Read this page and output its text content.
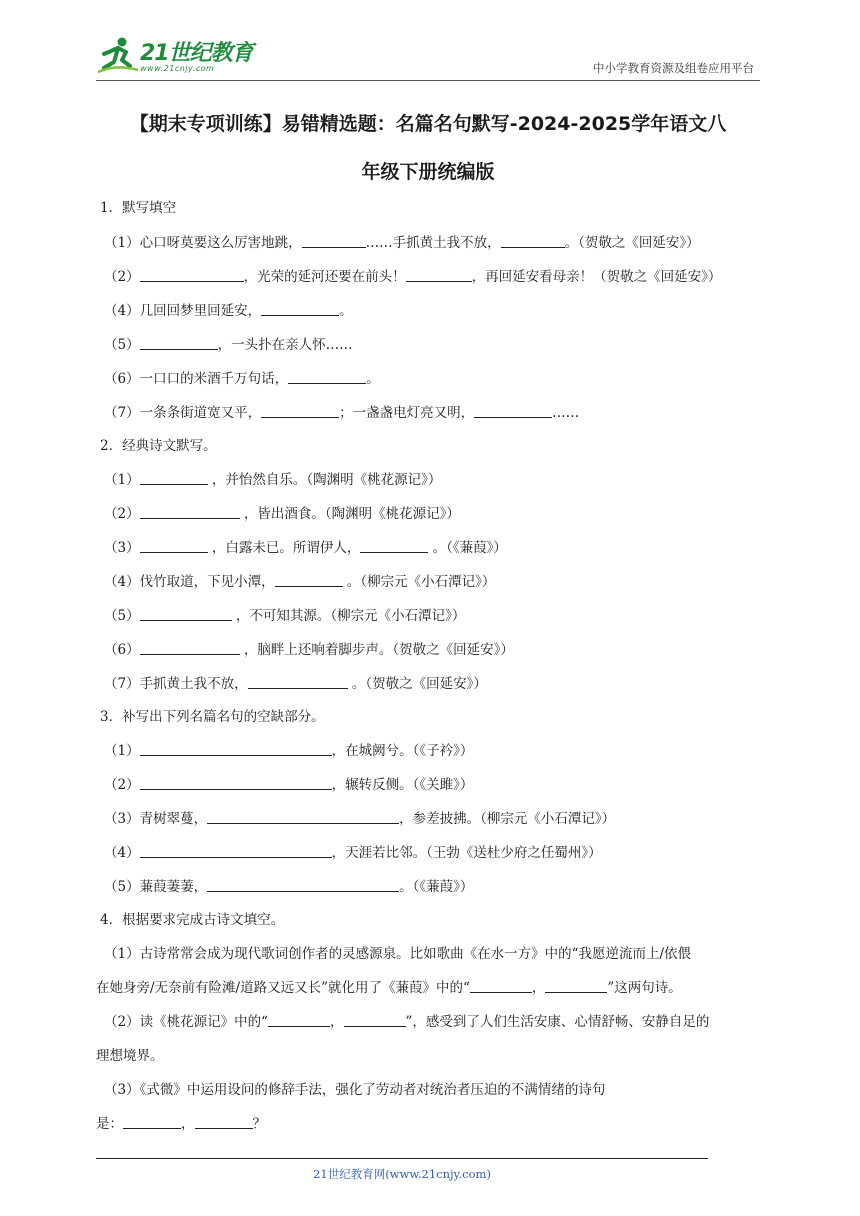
21世纪教育
www.21cnjy.com	中小学教育资源及组卷应用平台
【期末专项训练】易错精选题：名篇名句默写-2024-2025学年语文八
年级下册统编版
1．默写填空
（1）心口呀莫要这么厉害地跳，	……手抓黄土我不放，	。（贺敬之《回延安》）
（2）	，光荣的延河还要在前头！	，再回延安看母亲！（贺敬之《回延安》）
（4）几回回梦里回延安，	。
（5）	，一头扑在亲人怀……
（6）一口口的米酒千万句话，	。
（7）一条条街道宽又平，	；一盏盏电灯亮又明，	……
2．经典诗文默写。
（1）	，并怡然自乐。（陶渊明《桃花源记》）
（2）	，皆出酒食。（陶渊明《桃花源记》）
（3）	，白露未已。所谓伊人，	。（《蒹葭》）
（4）伐竹取道，下见小潭，	。（柳宗元《小石潭记》）
（5）	，不可知其源。（柳宗元《小石潭记》）
（6）	，脑畔上还响着脚步声。（贺敬之《回延安》）
（7）手抓黄土我不放，	。（贺敬之《回延安》）
3．补写出下列名篇名句的空缺部分。
（1）	，在城阙兮。（《子衿》）
（2）	，辗转反侧。（《关雎》）
（3）青树翠蔓，	，参差披拂。（柳宗元《小石潭记》）
（4）	，天涯若比邻。（王勃《送杜少府之任蜀州》）
（5）蒹葭萋萋，	。（《蒹葭》）
4．根据要求完成古诗文填空。
（1）古诗常常会成为现代歌词创作者的灵感源泉。比如歌曲《在水一方》中的“我愿逆流而上/依偎
在她身旁/无奈前有险滩/道路又远又长”就化用了《蒹葭》中的“	，	”这两句诗。
（2）读《桃花源记》中的“	，	”，感受到了人们生活安康、心情舒畅、安静自足的
理想境界。
（3）《式微》中运用设问的修辞手法，强化了劳动者对统治者压迫的不满情绪的诗句
是：	，	？
21世纪教育网(www.21cnjy.com)
